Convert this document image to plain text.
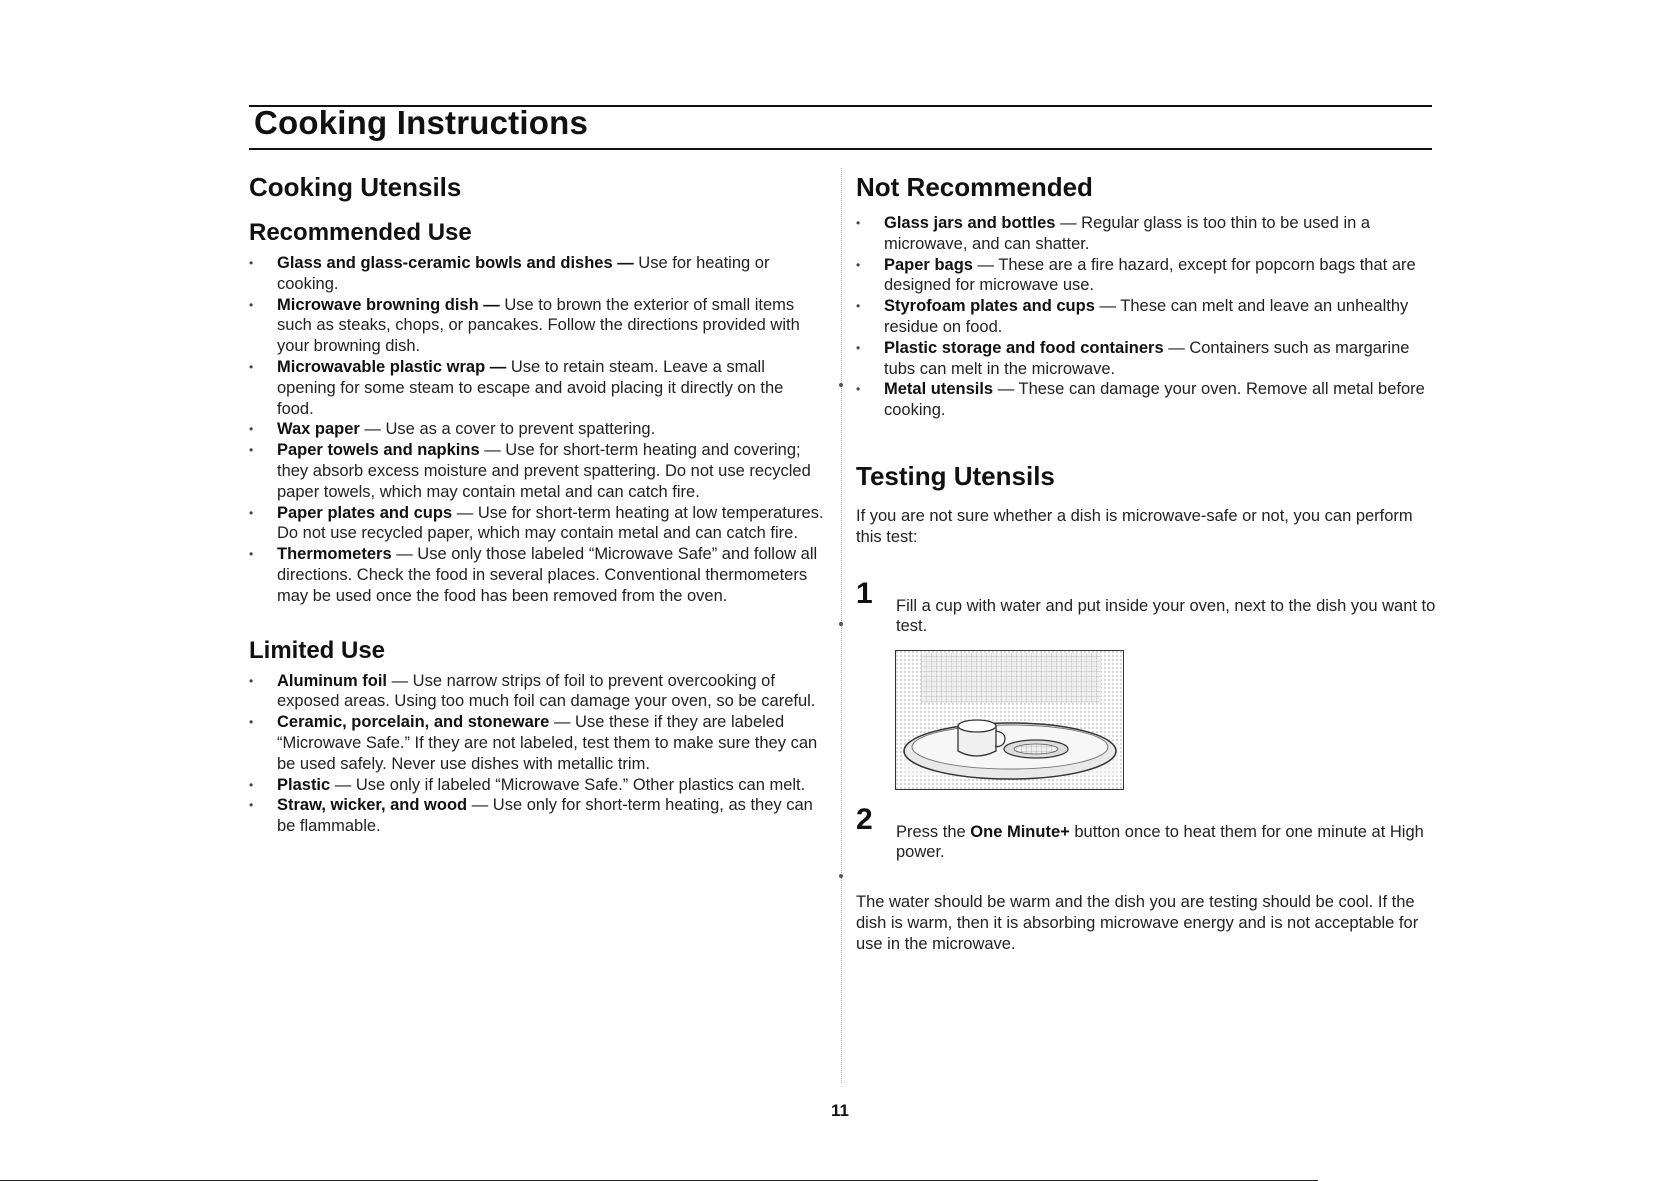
Cooking Instructions
Cooking Utensils
Recommended Use
• Glass and glass-ceramic bowls and dishes — Use for heating or cooking.
• Microwave browning dish — Use to brown the exterior of small items such as steaks, chops, or pancakes. Follow the directions provided with your browning dish.
• Microwavable plastic wrap — Use to retain steam. Leave a small opening for some steam to escape and avoid placing it directly on the food.
• Wax paper — Use as a cover to prevent spattering.
• Paper towels and napkins — Use for short-term heating and covering; they absorb excess moisture and prevent spattering. Do not use recycled paper towels, which may contain metal and can catch fire.
• Paper plates and cups — Use for short-term heating at low temperatures. Do not use recycled paper, which may contain metal and can catch fire.
• Thermometers — Use only those labeled “Microwave Safe” and follow all directions. Check the food in several places. Conventional thermometers may be used once the food has been removed from the oven.
Limited Use
• Aluminum foil — Use narrow strips of foil to prevent overcooking of exposed areas. Using too much foil can damage your oven, so be careful.
• Ceramic, porcelain, and stoneware — Use these if they are labeled “Microwave Safe.” If they are not labeled, test them to make sure they can be used safely. Never use dishes with metallic trim.
• Plastic — Use only if labeled “Microwave Safe.” Other plastics can melt.
• Straw, wicker, and wood — Use only for short-term heating, as they can be flammable.
Not Recommended
• Glass jars and bottles — Regular glass is too thin to be used in a microwave, and can shatter.
• Paper bags — These are a fire hazard, except for popcorn bags that are designed for microwave use.
• Styrofoam plates and cups — These can melt and leave an unhealthy residue on food.
• Plastic storage and food containers — Containers such as margarine tubs can melt in the microwave.
• Metal utensils — These can damage your oven. Remove all metal before cooking.
Testing Utensils

If you are not sure whether a dish is microwave-safe or not, you can perform this test:

1 Fill a cup with water and put inside your oven, next to the dish you want to test.
2 Press the One Minute+ button once to heat them for one minute at High power.

The water should be warm and the dish you are testing should be cool. If the dish is warm, then it is absorbing microwave energy and is not acceptable for use in the microwave.

11
